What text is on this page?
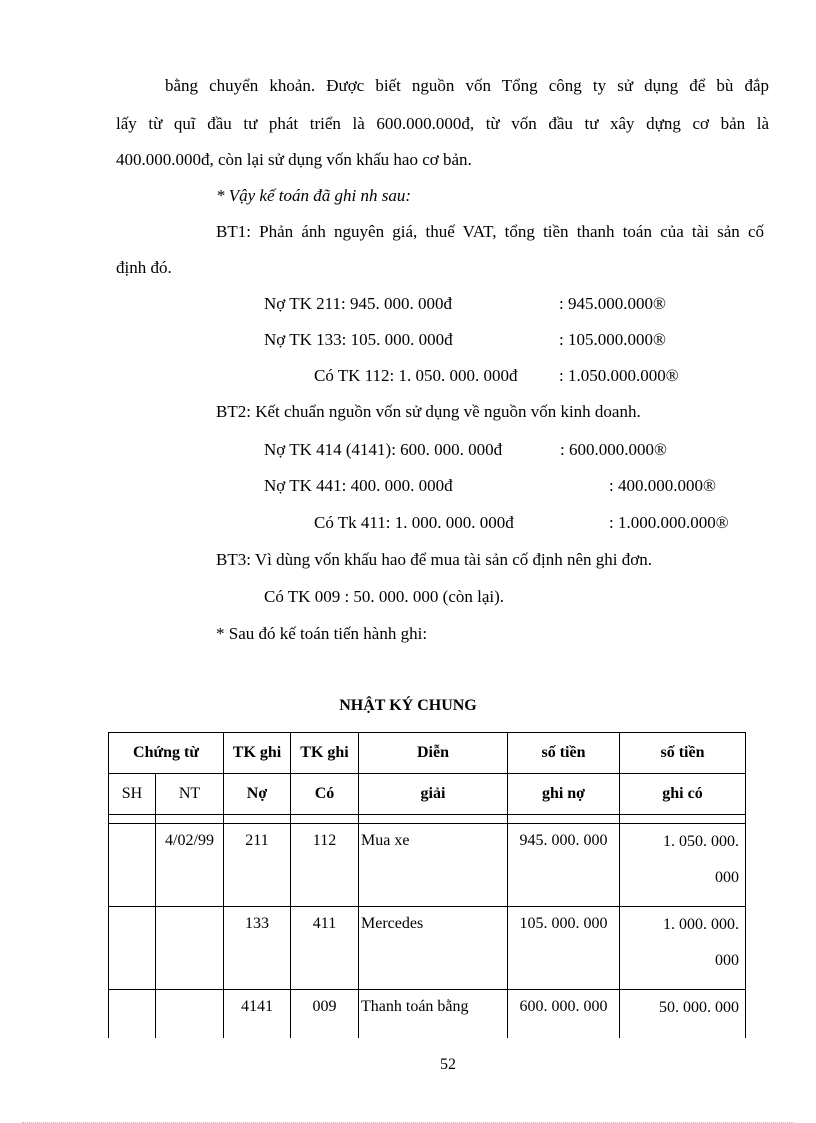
bằng chuyển khoản. Được biết nguồn vốn Tổng công ty sử dụng để bù đắp
lấy từ quĩ đầu tư phát triển là 600.000.000đ, từ vốn đầu tư xây dựng cơ bản là
400.000.000đ, còn lại sử dụng vốn khấu hao cơ bản.
* Vậy kế toán đã ghi nh sau:
BT1: Phản ánh nguyên giá, thuế VAT, tổng tiền thanh toán của tài sản cố
định đó.
Nợ TK 211: 945. 000. 000đ	: 945.000.000®
Nợ TK 133: 105. 000. 000đ	: 105.000.000®
Có TK 112: 1. 050. 000. 000đ : 1.050.000.000®
BT2: Kết chuẩn nguồn vốn sử dụng về nguồn vốn kinh doanh.
Nợ TK 414 (4141): 600. 000. 000đ	: 600.000.000®
Nợ TK 441: 400. 000. 000đ	: 400.000.000®
Có Tk 411: 1. 000. 000. 000đ	: 1.000.000.000®
BT3: Vì dùng vốn khấu hao để mua tài sản cố định nên ghi đơn.
Có TK 009 : 50. 000. 000 (còn lại).
* Sau đó kế toán tiến hành ghi:
NHẬT KÝ CHUNG
Chứng từ		TK ghi	TK ghi	Diễn	số tiền	số tiền
SH	NT	Nợ	Có	giải	ghi nợ	ghi có

	4/02/99	211	112	Mua xe	945. 000. 000	1. 050. 000.
000

		133	411	Mercedes	105. 000. 000	1. 000. 000.
000

		4141	009	Thanh toán bằng	600. 000. 000	50. 000. 000
52
